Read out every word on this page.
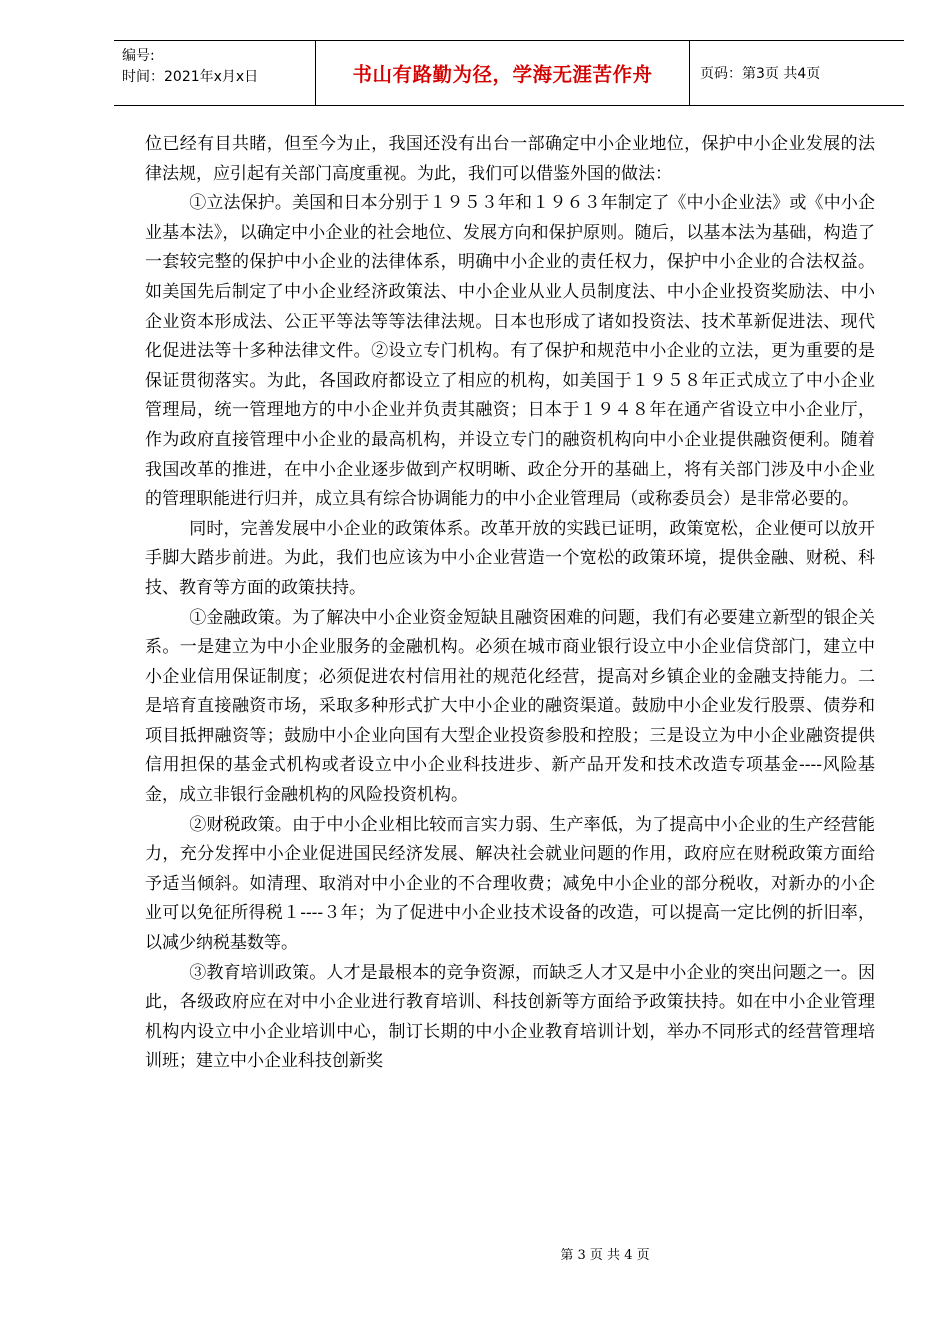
编号:
时间：2021年x月x日	书山有路勤为径，学海无涯苦作舟	页码：第3页 共4页

位已经有目共睹，但至今为止，我国还没有出台一部确定中小企业地位，保护中小企业发展的法律法规，应引起有关部门高度重视。为此，我们可以借鉴外国的做法：

①立法保护。美国和日本分别于１９５３年和１９６３年制定了《中小企业法》或《中小企业基本法》，以确定中小企业的社会地位、发展方向和保护原则。随后，以基本法为基础，构造了一套较完整的保护中小企业的法律体系，明确中小企业的责任权力，保护中小企业的合法权益。如美国先后制定了中小企业经济政策法、中小企业从业人员制度法、中小企业投资奖励法、中小企业资本形成法、公正平等法等等法律法规。日本也形成了诸如投资法、技术革新促进法、现代化促进法等十多种法律文件。②设立专门机构。有了保护和规范中小企业的立法，更为重要的是保证贯彻落实。为此，各国政府都设立了相应的机构，如美国于１９５８年正式成立了中小企业管理局，统一管理地方的中小企业并负责其融资；日本于１９４８年在通产省设立中小企业厅，作为政府直接管理中小企业的最高机构，并设立专门的融资机构向中小企业提供融资便利。随着我国改革的推进，在中小企业逐步做到产权明晰、政企分开的基础上，将有关部门涉及中小企业的管理职能进行归并，成立具有综合协调能力的中小企业管理局（或称委员会）是非常必要的。

同时，完善发展中小企业的政策体系。改革开放的实践已证明，政策宽松，企业便可以放开手脚大踏步前进。为此，我们也应该为中小企业营造一个宽松的政策环境，提供金融、财税、科技、教育等方面的政策扶持。

①金融政策。为了解决中小企业资金短缺且融资困难的问题，我们有必要建立新型的银企关系。一是建立为中小企业服务的金融机构。必须在城市商业银行设立中小企业信贷部门，建立中小企业信用保证制度；必须促进农村信用社的规范化经营，提高对乡镇企业的金融支持能力。二是培育直接融资市场，采取多种形式扩大中小企业的融资渠道。鼓励中小企业发行股票、债券和项目抵押融资等；鼓励中小企业向国有大型企业投资参股和控股；三是设立为中小企业融资提供信用担保的基金式机构或者设立中小企业科技进步、新产品开发和技术改造专项基金----风险基金，成立非银行金融机构的风险投资机构。

②财税政策。由于中小企业相比较而言实力弱、生产率低，为了提高中小企业的生产经营能力，充分发挥中小企业促进国民经济发展、解决社会就业问题的作用，政府应在财税政策方面给予适当倾斜。如清理、取消对中小企业的不合理收费；减免中小企业的部分税收，对新办的小企业可以免征所得税１----３年；为了促进中小企业技术设备的改造，可以提高一定比例的折旧率，以减少纳税基数等。

③教育培训政策。人才是最根本的竞争资源，而缺乏人才又是中小企业的突出问题之一。因此，各级政府应在对中小企业进行教育培训、科技创新等方面给予政策扶持。如在中小企业管理机构内设立中小企业培训中心，制订长期的中小企业教育培训计划，举办不同形式的经营管理培训班；建立中小企业科技创新奖

第 3 页 共 4 页
